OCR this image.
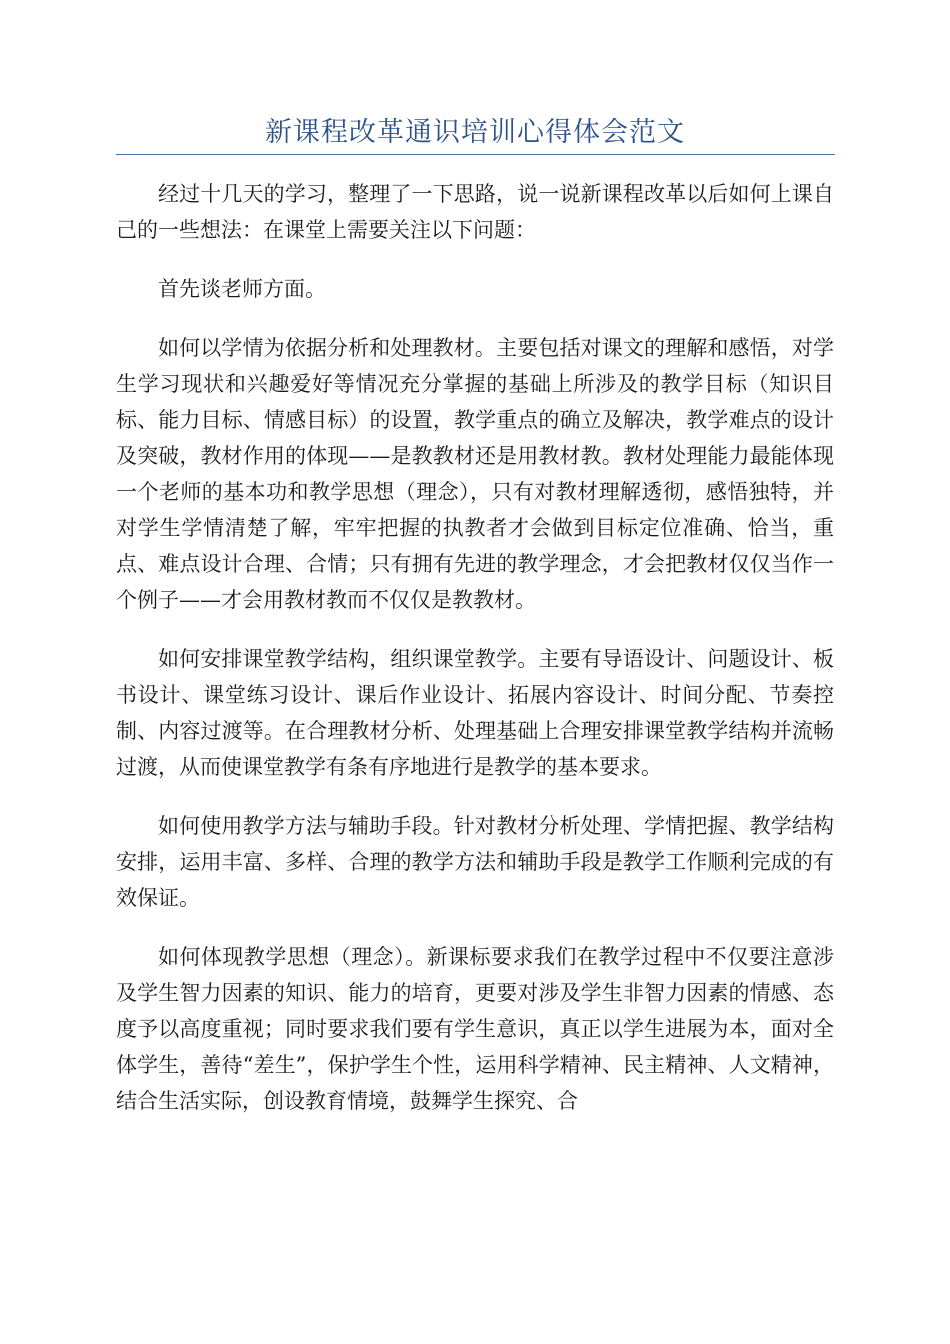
新课程改革通识培训心得体会范文

经过十几天的学习，整理了一下思路，说一说新课程改革以后如何上课自己的一些想法：在课堂上需要关注以下问题：

首先谈老师方面。

如何以学情为依据分析和处理教材。主要包括对课文的理解和感悟，对学生学习现状和兴趣爱好等情况充分掌握的基础上所涉及的教学目标（知识目标、能力目标、情感目标）的设置，教学重点的确立及解决，教学难点的设计及突破，教材作用的体现——是教教材还是用教材教。教材处理能力最能体现一个老师的基本功和教学思想（理念），只有对教材理解透彻，感悟独特，并对学生学情清楚了解，牢牢把握的执教者才会做到目标定位准确、恰当，重点、难点设计合理、合情；只有拥有先进的教学理念，才会把教材仅仅当作一个例子——才会用教材教而不仅仅是教教材。

如何安排课堂教学结构，组织课堂教学。主要有导语设计、问题设计、板书设计、课堂练习设计、课后作业设计、拓展内容设计、时间分配、节奏控制、内容过渡等。在合理教材分析、处理基础上合理安排课堂教学结构并流畅过渡，从而使课堂教学有条有序地进行是教学的基本要求。

如何使用教学方法与辅助手段。针对教材分析处理、学情把握、教学结构安排，运用丰富、多样、合理的教学方法和辅助手段是教学工作顺利完成的有效保证。

如何体现教学思想（理念）。新课标要求我们在教学过程中不仅要注意涉及学生智力因素的知识、能力的培育，更要对涉及学生非智力因素的情感、态度予以高度重视；同时要求我们要有学生意识，真正以学生进展为本，面对全体学生，善待“差生”，保护学生个性，运用科学精神、民主精神、人文精神，结合生活实际，创设教育情境，鼓舞学生探究、合
